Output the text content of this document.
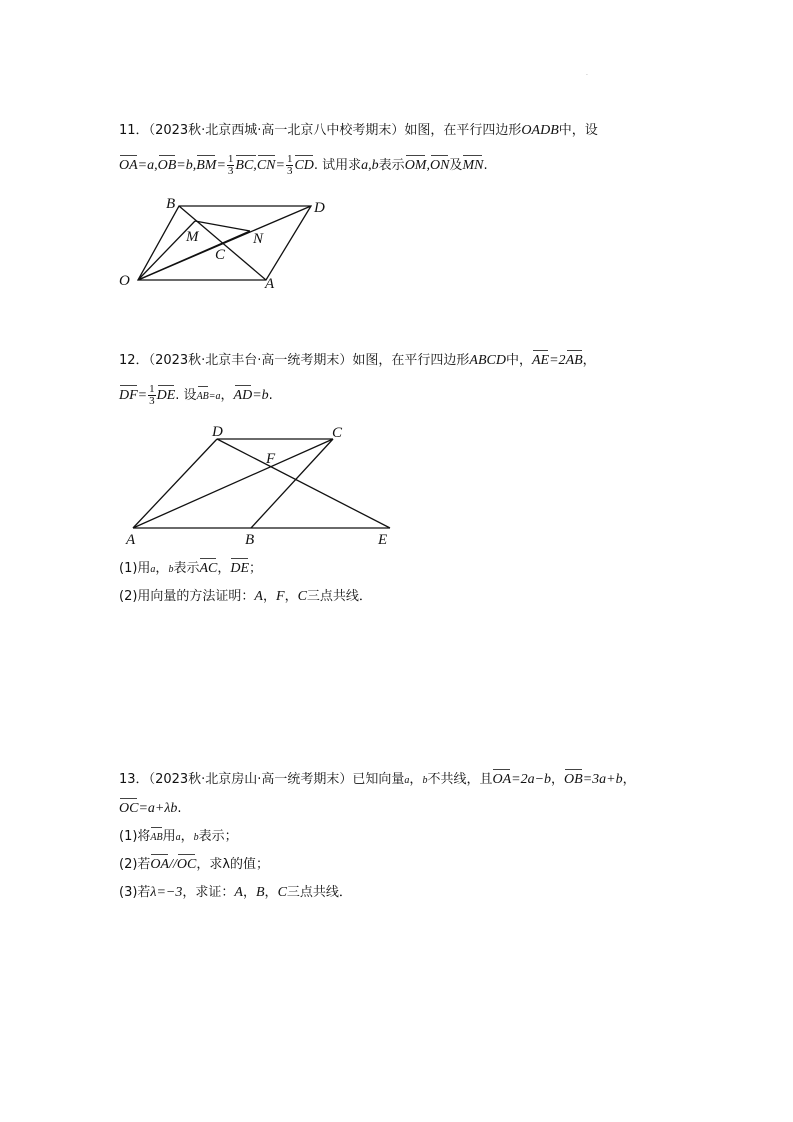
.
11．（2023秋·北京西城·高一北京八中校考期末）如图，在平行四边形OADB中，设
$OA=a,OB=b,BM= \frac{1}{3} BC,CN= \frac{1}{3}$ CD. 试用求a,b表示OM,ON及MN.
B	D
M	N
C
O	A
12．（2023秋·北京丰台·高一统考期末）如图，在平行四边形ABCD中，AE=2AB，
$DF= \frac{1}{3}$ DE. 设AB=a，AD=b.
D	C
F
A	B	E
(1)用a，b表示AC，DE；
(2)用向量的方法证明：A，F，C三点共线．
13．（2023秋·北京房山·高一统考期末）已知向量a，b不共线，且OA=2a−b，OB=3a+b，
OC=a+λb.
(1)将AB用a，b表示；
(2)若OA//OC，求λ的值；
(3)若λ=−3，求证：A，B，C三点共线．
